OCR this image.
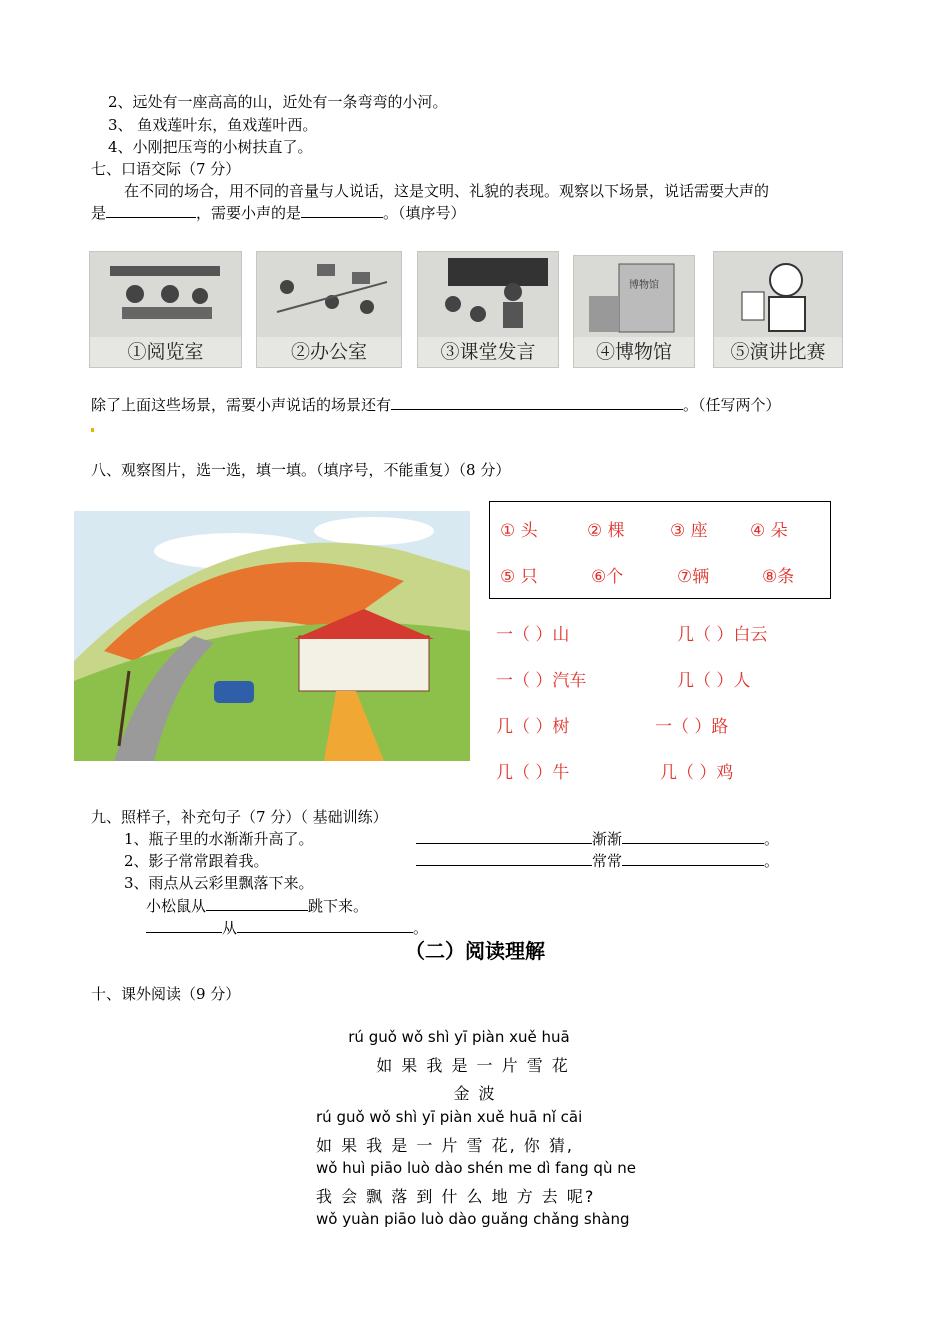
2、远处有一座高高的山，近处有一条弯弯的小河。
3、 鱼戏莲叶东，鱼戏莲叶西。
4、小刚把压弯的小树扶直了。
七、口语交际（7 分）
在不同的场合，用不同的音量与人说话，这是文明、礼貌的表现。观察以下场景，说话需要大声的
是	，需要小声的是	。（填序号）
①阅览室	②办公室	③课堂发言
博物馆
④博物馆	⑤演讲比赛
除了上面这些场景，需要小声说话的场景还有	。（任写两个）
八、观察图片，选一选，填一填。（填序号，不能重复）（8 分）
① 头	② 棵	③ 座 ④ 朵
⑤ 只	⑥个	⑦辆	⑧条
一（ ）山	几（ ）白云
一（ ）汽车	几（ ）人
几（ ）树	一（ ）路
几（ ）牛	几（ ）鸡
九、照样子，补充句子（7 分）（ 基础训练）
1、瓶子里的水渐渐升高了。	渐渐	。
2、影子常常跟着我。	常常	。
3、雨点从云彩里飘落下来。
小松鼠从	跳下来。
从	。
（二）阅读理解
十、课外阅读（9 分）
rú guǒ wǒ shì yī piàn xuě huā
如 果 我 是 一 片 雪 花
金 波
rú guǒ wǒ shì yī piàn xuě huā nǐ cāi
如 果 我 是 一 片 雪 花, 你 猜,
wǒ huì piāo luò dào shén me dì fang qù ne
我 会 飘 落 到 什 么 地 方 去 呢?
wǒ yuàn piāo luò dào guǎng chǎng shàng
